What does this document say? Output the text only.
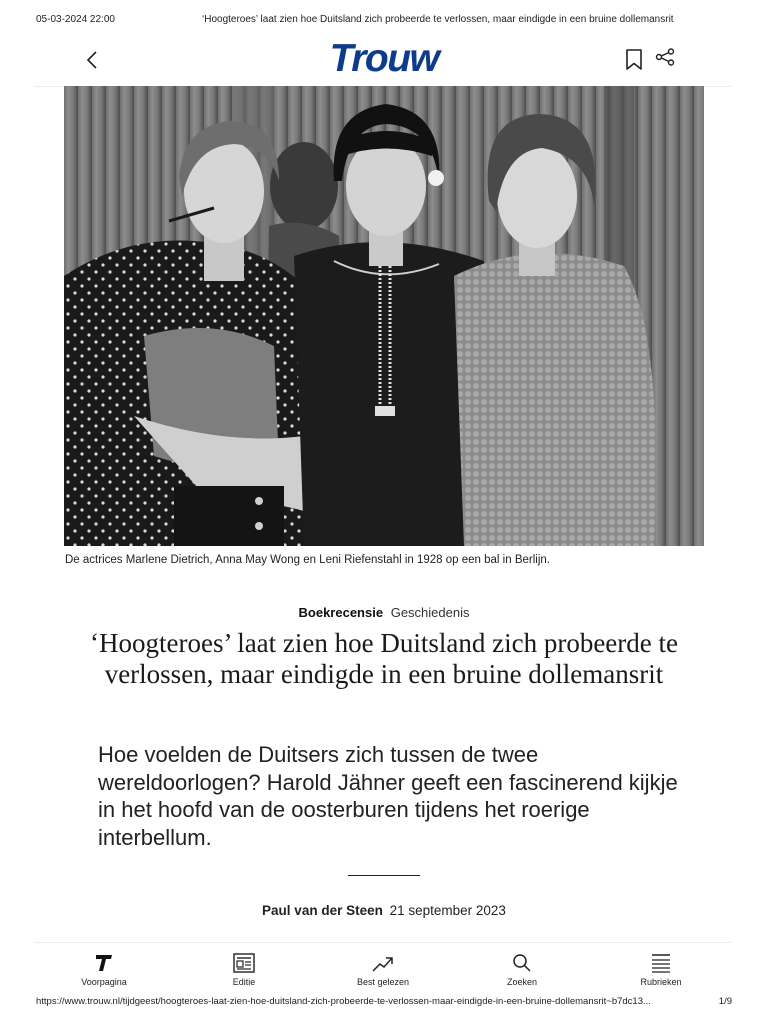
05-03-2024 22:00	‘Hoogteroes’ laat zien hoe Duitsland zich probeerde te verlossen, maar eindigde in een bruine dollemansrit
Trouw
De actrices Marlene Dietrich, Anna May Wong en Leni Riefenstahl in 1928 op een bal in Berlijn.
Boekrecensie Geschiedenis
‘Hoogteroes’ laat zien hoe Duitsland zich probeerde te verlossen, maar eindigde in een bruine dollemansrit

Hoe voelden de Duitsers zich tussen de twee wereldoorlogen? Harold Jähner geeft een fascinerend kijkje in het hoofd van de oosterburen tijdens het roerige interbellum.

Paul van der Steen 21 september 2023
Voorpagina	Editie	Best gelezen	Zoeken	Rubrieken
https://www.trouw.nl/tijdgeest/hoogteroes-laat-zien-hoe-duitsland-zich-probeerde-te-verlossen-maar-eindigde-in-een-bruine-dollemansrit~b7dc13...	1/9
